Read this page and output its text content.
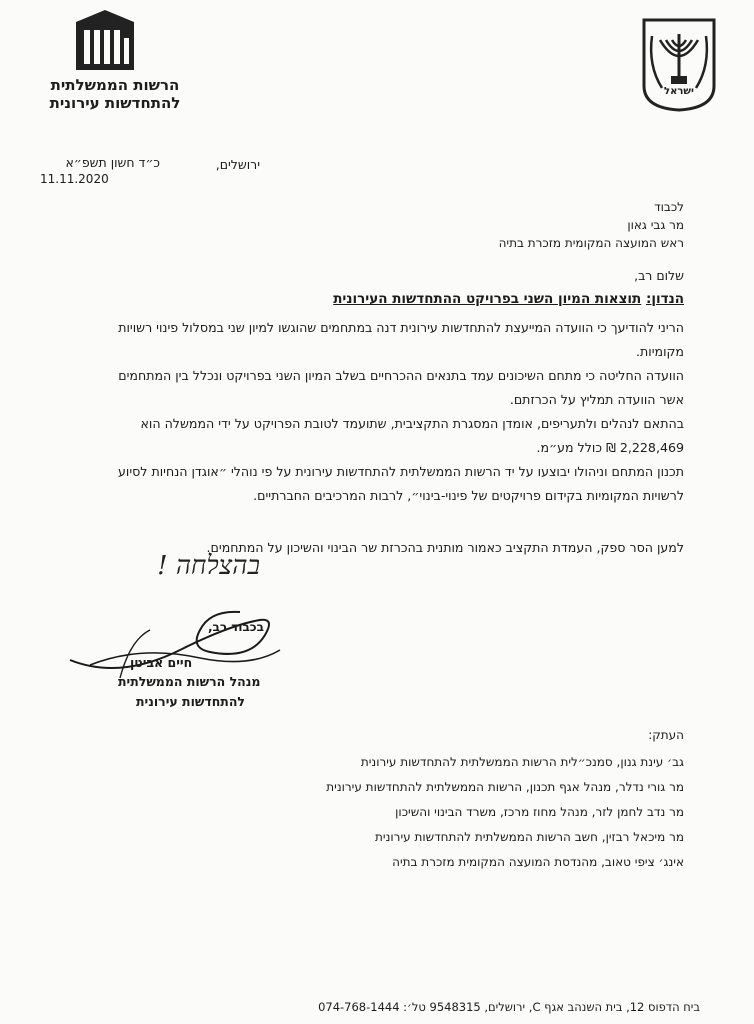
הרשות הממשלתית
להתחדשות עירונית
ישראל
ירושלים,
כ״ד חשון תשפ״א
11.11.2020
לכבוד
מר גבי גאון
ראש המועצה המקומית מזכרת בתיה
שלום רב,
הנדון: תוצאות המיון השני בפרויקט ההתחדשות העירונית
הריני להודיעך כי הוועדה המייעצת להתחדשות עירונית דנה במתחמים שהוגשו למיון שני במסלול פינוי רשויות
מקומיות.
הוועדה החליטה כי מתחם השיכונים עמד בתנאים ההכרחיים בשלב המיון השני בפרויקט ונכלל בין המתחמים
אשר הוועדה תמליץ על הכרזתם.
בהתאם לנהלים ולתעריפים, אומדן המסגרת התקציבית, שתועמד לטובת הפרויקט על ידי הממשלה הוא
2,228,469 ₪ כולל מע״מ.
תכנון המתחם וניהולו יבוצעו על יד הרשות הממשלתית להתחדשות עירונית על פי נוהלי ״אוגדן הנחיות לסיוע
לרשויות המקומיות בקידום פרויקטים של פינוי-בינוי״, לרבות המרכיבים החברתיים.
למען הסר ספק, העמדת התקציב כאמור מותנית בהכרזת שר הבינוי והשיכון על המתחמים.
בהצלחה !
בכבוד רב,
חיים אביטן
מנהל הרשות הממשלתית
להתחדשות עירונית
העתק:
גב׳ עינת גנון, סמנכ״לית הרשות הממשלתית להתחדשות עירונית
מר גורי נדלר, מנהל אגף תכנון, הרשות הממשלתית להתחדשות עירונית
מר נדב לחמן לזר, מנהל מחוז מרכז, משרד הבינוי והשיכון
מר מיכאל רבזין, חשב הרשות הממשלתית להתחדשות עירונית
אינג׳ ציפי טאוב, מהנדסת המועצה המקומית מזכרת בתיה
ביח הדפוס 12, בית השנהב אגף C, ירושלים, 9548315 טל׳: 074-768-1444
